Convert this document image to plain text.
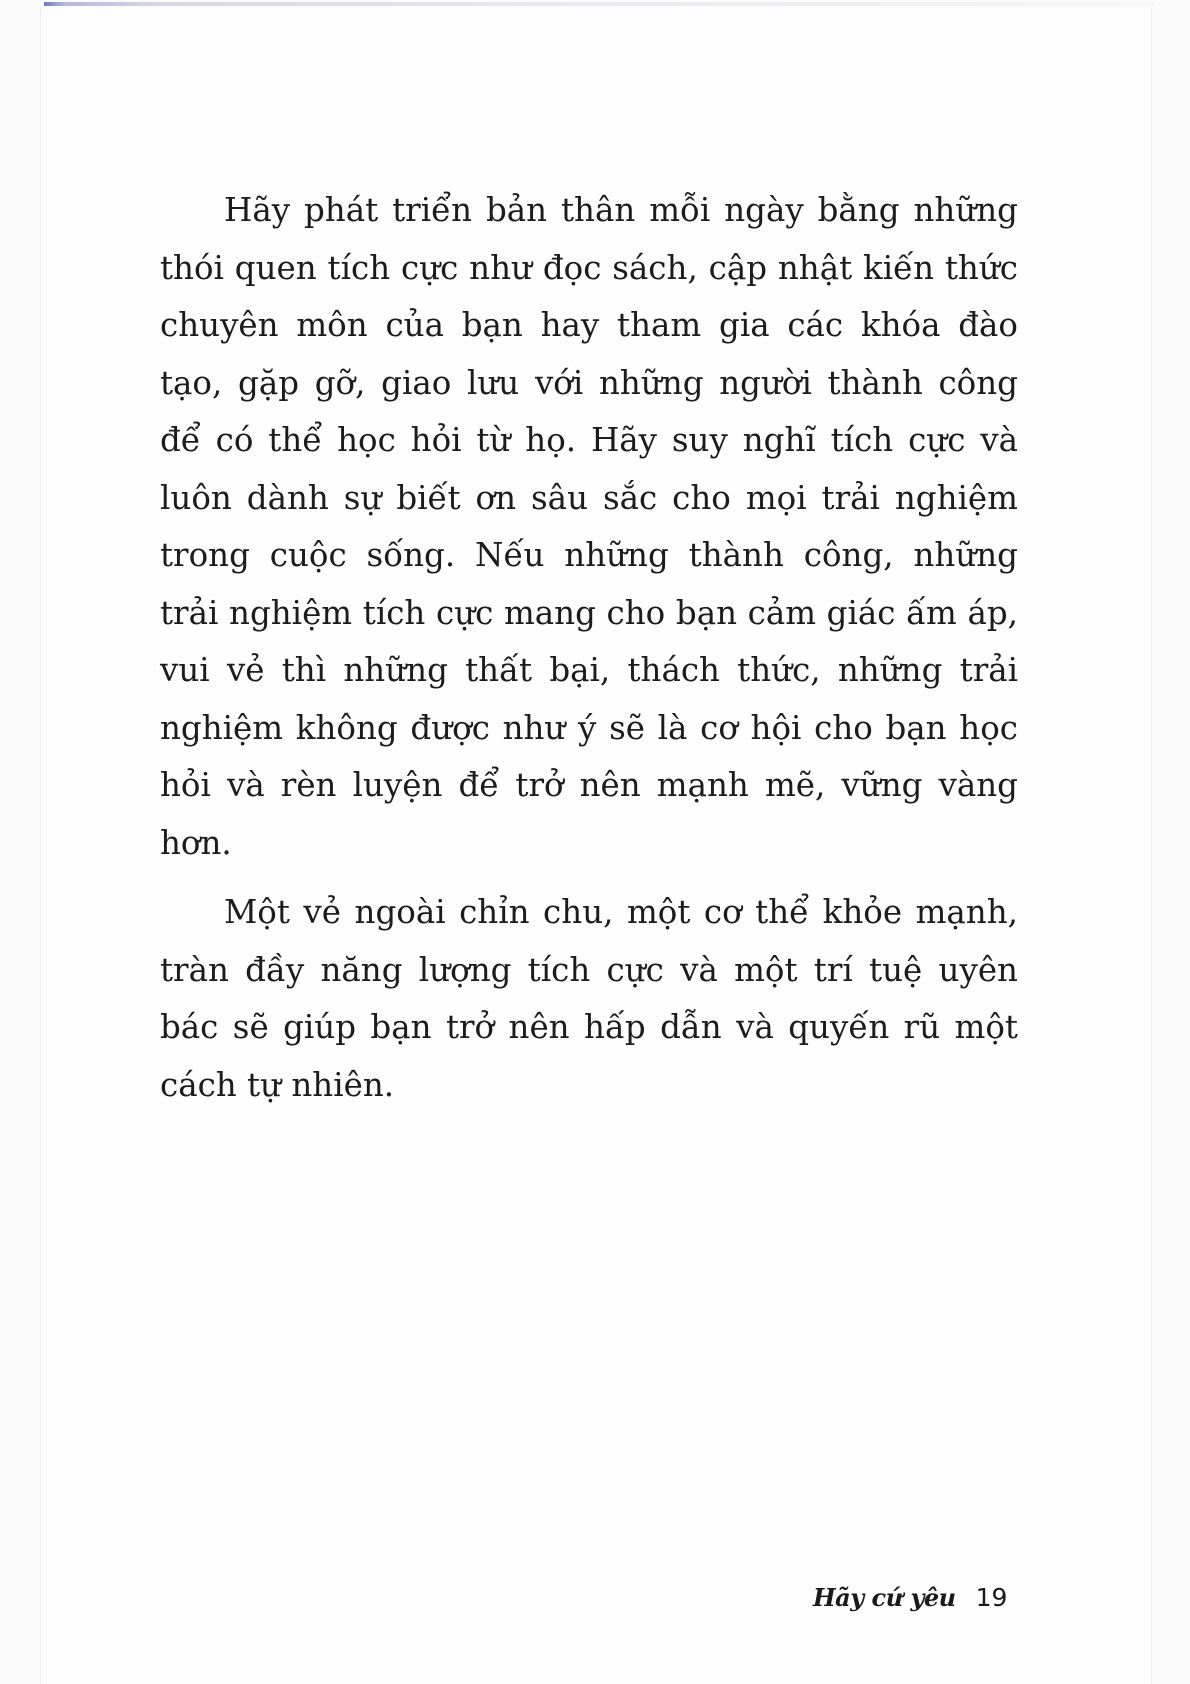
Hãy phát triển bản thân mỗi ngày bằng những thói quen tích cực như đọc sách, cập nhật kiến thức chuyên môn của bạn hay tham gia các khóa đào tạo, gặp gỡ, giao lưu với những người thành công để có thể học hỏi từ họ. Hãy suy nghĩ tích cực và luôn dành sự biết ơn sâu sắc cho mọi trải nghiệm trong cuộc sống. Nếu những thành công, những trải nghiệm tích cực mang cho bạn cảm giác ấm áp, vui vẻ thì những thất bại, thách thức, những trải nghiệm không được như ý sẽ là cơ hội cho bạn học hỏi và rèn luyện để trở nên mạnh mẽ, vững vàng hơn.

Một vẻ ngoài chỉn chu, một cơ thể khỏe mạnh, tràn đầy năng lượng tích cực và một trí tuệ uyên bác sẽ giúp bạn trở nên hấp dẫn và quyến rũ một cách tự nhiên.

Hãy cứ yêu 19
